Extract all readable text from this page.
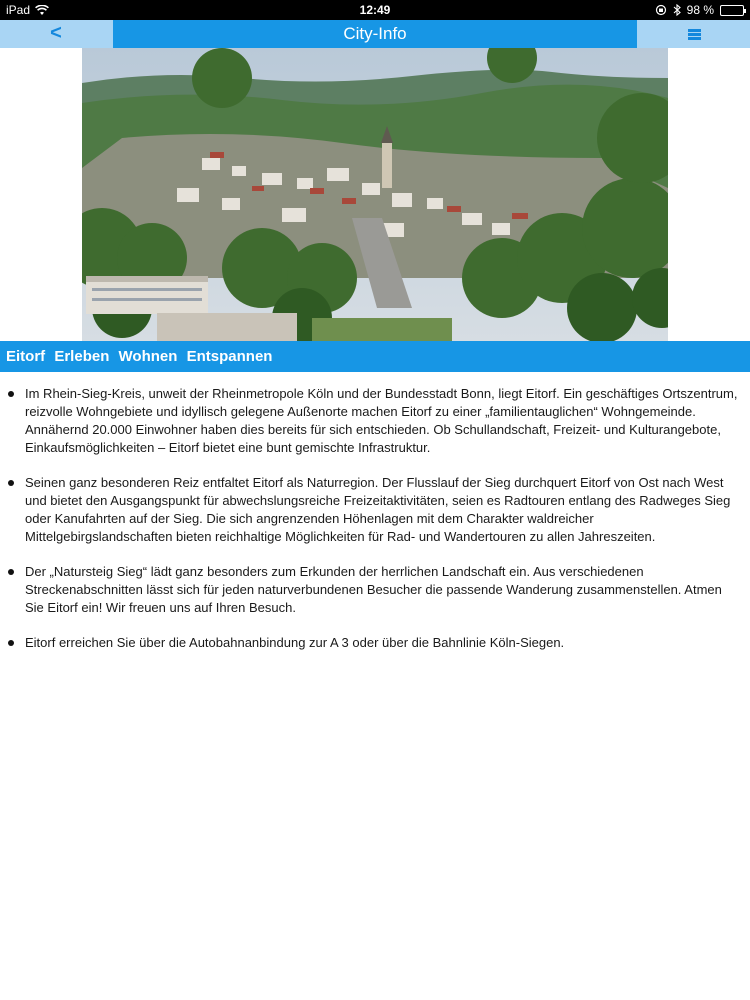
iPad	12:49	98 %
<	City-Info
Eitorf Erleben Wohnen Entspannen
Im Rhein-Sieg-Kreis, unweit der Rheinmetropole Köln und der Bundesstadt Bonn, liegt Eitorf. Ein geschäftiges Ortszentrum, reizvolle Wohngebiete und idyllisch gelegene Außenorte machen Eitorf zu einer „familientauglichen“ Wohngemeinde. Annähernd 20.000 Einwohner haben dies bereits für sich entschieden. Ob Schullandschaft, Freizeit- und Kulturangebote, Einkaufsmöglichkeiten – Eitorf bietet eine bunt gemischte Infrastruktur.
Seinen ganz besonderen Reiz entfaltet Eitorf als Naturregion. Der Flusslauf der Sieg durchquert Eitorf von Ost nach West und bietet den Ausgangspunkt für abwechslungsreiche Freizeitaktivitäten, seien es Radtouren entlang des Radweges Sieg oder Kanufahrten auf der Sieg. Die sich angrenzenden Höhenlagen mit dem Charakter waldreicher Mittelgebirgslandschaften bieten reichhaltige Möglichkeiten für Rad- und Wandertouren zu allen Jahreszeiten.
Der „Natursteig Sieg“ lädt ganz besonders zum Erkunden der herrlichen Landschaft ein. Aus verschiedenen Streckenabschnitten lässt sich für jeden naturverbundenen Besucher die passende Wanderung zusammenstellen. Atmen Sie Eitorf ein! Wir freuen uns auf Ihren Besuch.
Eitorf erreichen Sie über die Autobahnanbindung zur A 3 oder über die Bahnlinie Köln-Siegen.
